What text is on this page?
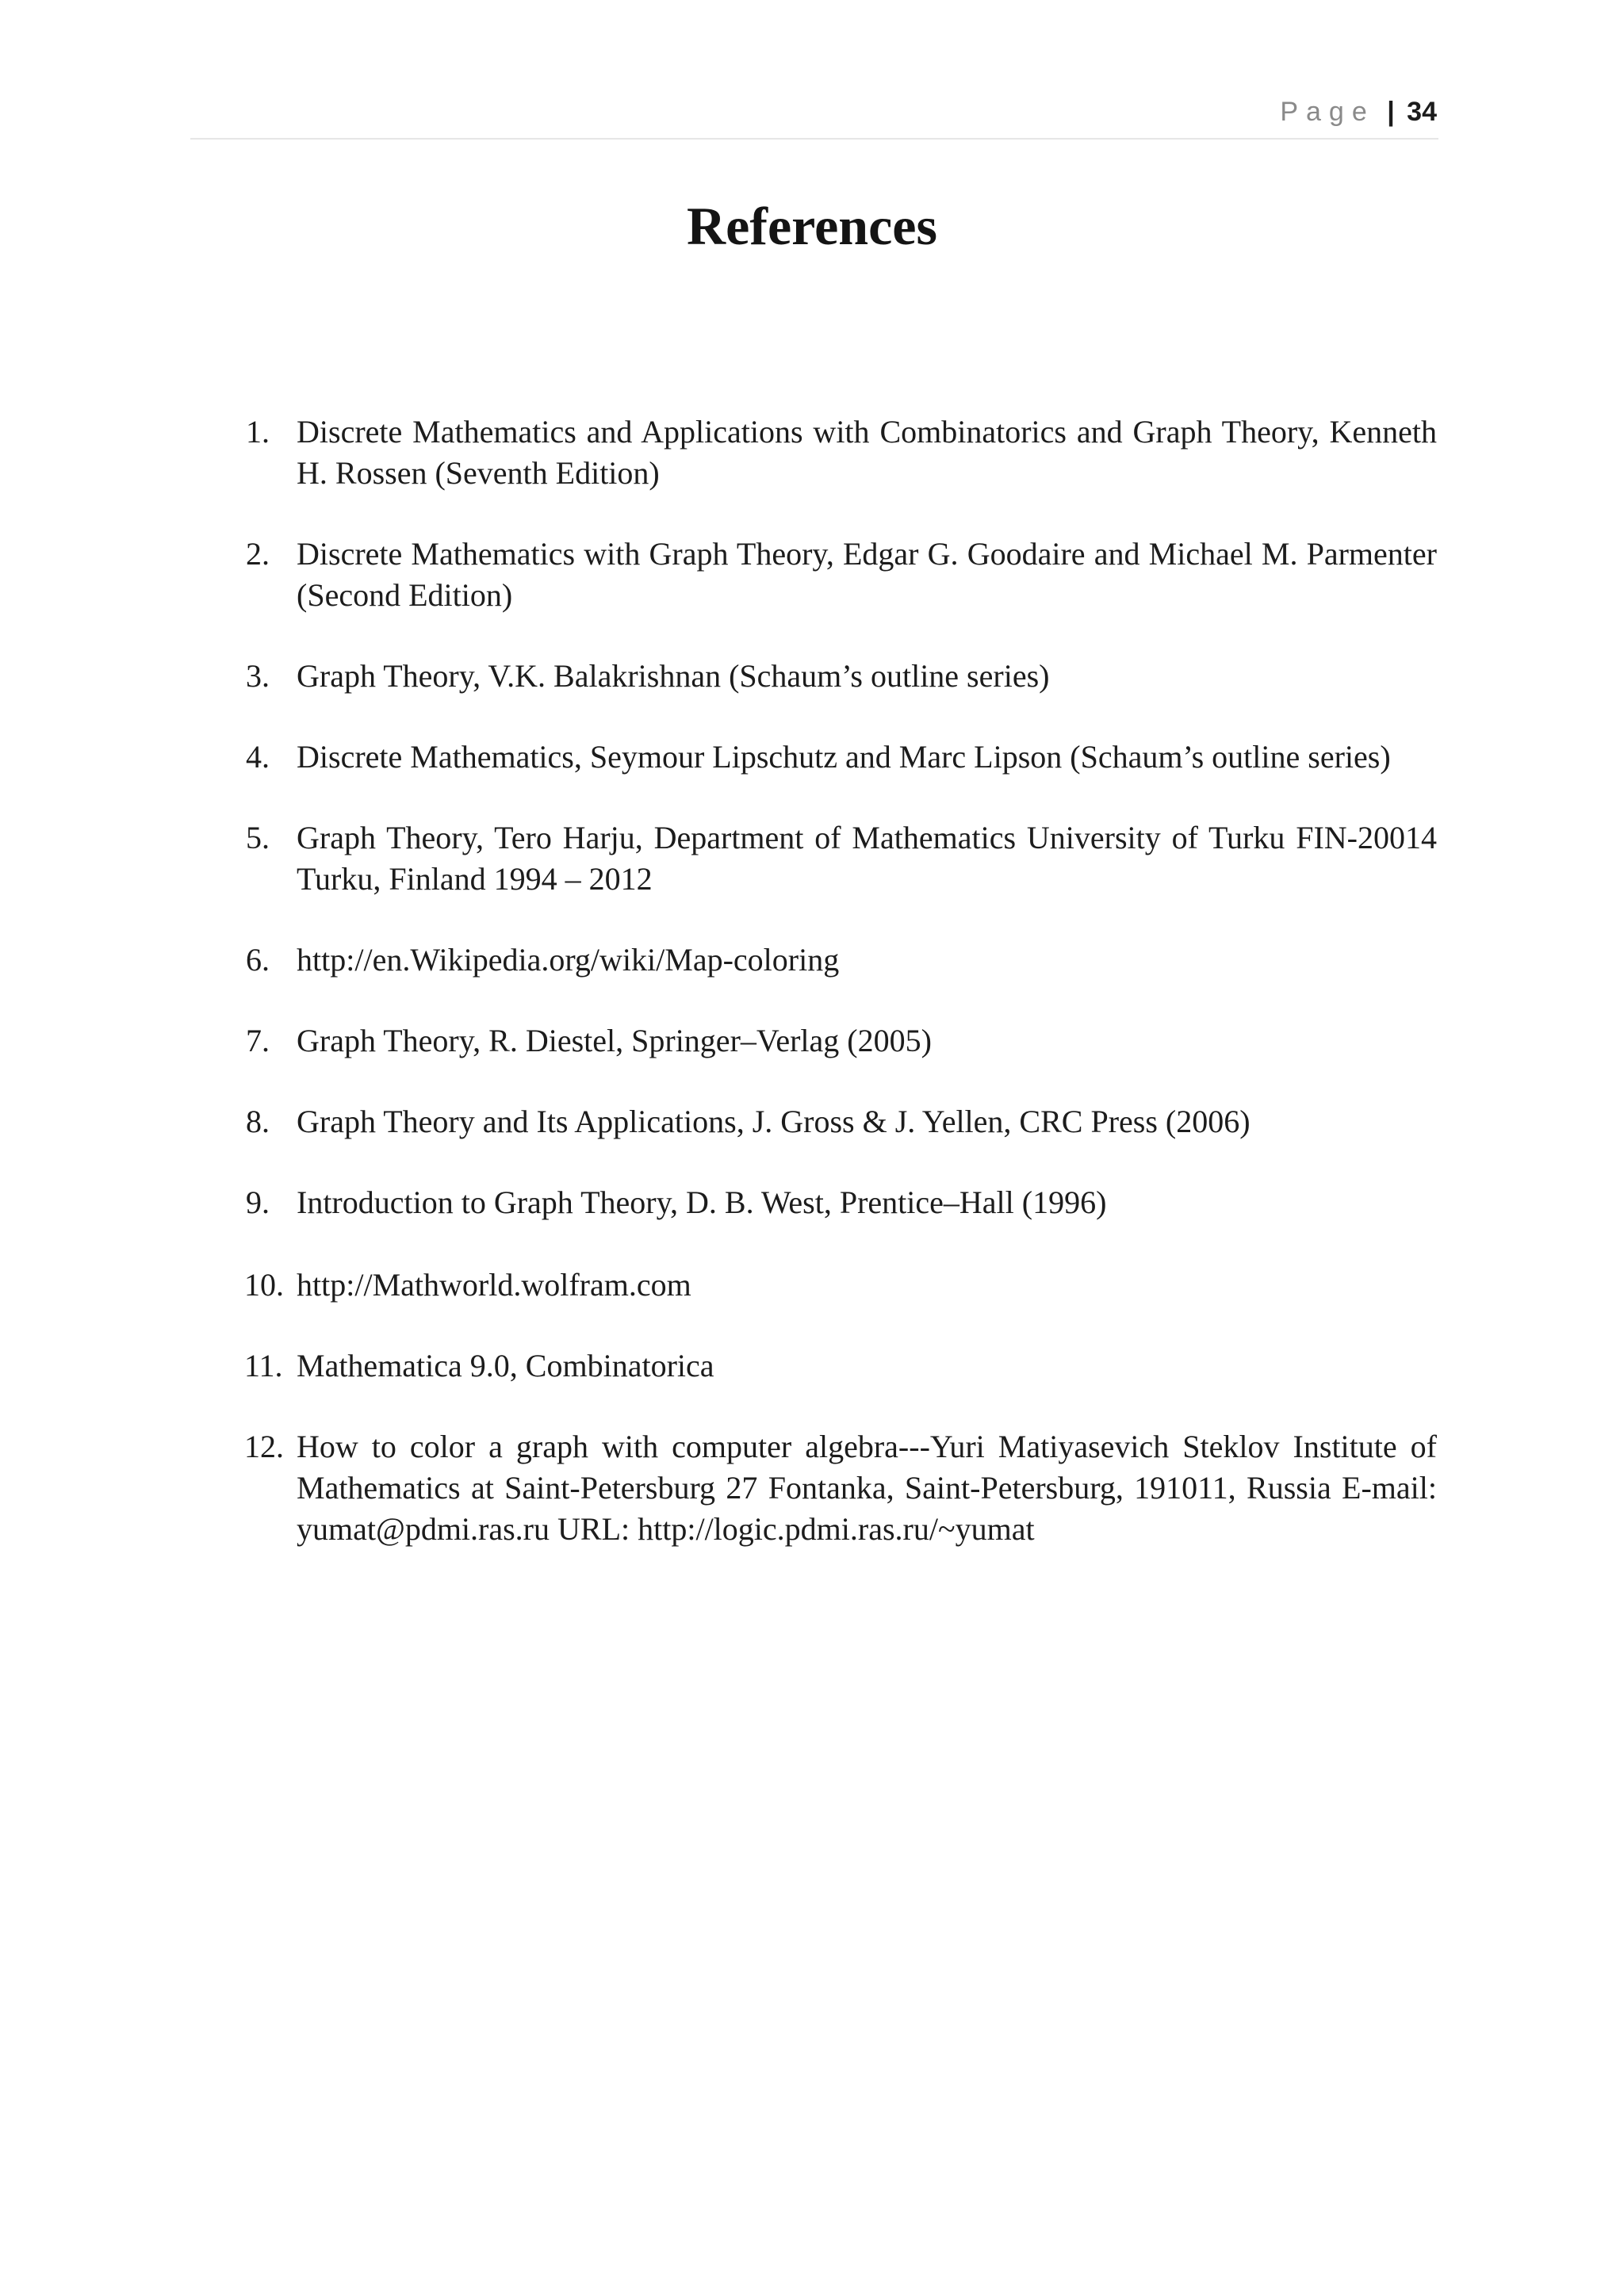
Page | 34
References
1. Discrete Mathematics and Applications with Combinatorics and Graph Theory, Kenneth H. Rossen (Seventh Edition)
2. Discrete Mathematics with Graph Theory, Edgar G. Goodaire and Michael M. Parmenter (Second Edition)
3. Graph Theory, V.K. Balakrishnan (Schaum’s outline series)
4. Discrete Mathematics, Seymour Lipschutz and Marc Lipson (Schaum’s outline series)
5. Graph Theory, Tero Harju, Department of Mathematics University of Turku FIN-20014 Turku, Finland 1994 – 2012
6. http://en.Wikipedia.org/wiki/Map-coloring
7. Graph Theory, R. Diestel, Springer–Verlag (2005)
8. Graph Theory and Its Applications, J. Gross & J. Yellen, CRC Press (2006)
9. Introduction to Graph Theory, D. B. West, Prentice–Hall (1996)
10. http://Mathworld.wolfram.com
11. Mathematica 9.0, Combinatorica
12. How to color a graph with computer algebra---Yuri Matiyasevich Steklov Institute of Mathematics at Saint-Petersburg 27 Fontanka, Saint-Petersburg, 191011, Russia E-mail: yumat@pdmi.ras.ru URL: http://logic.pdmi.ras.ru/~yumat
